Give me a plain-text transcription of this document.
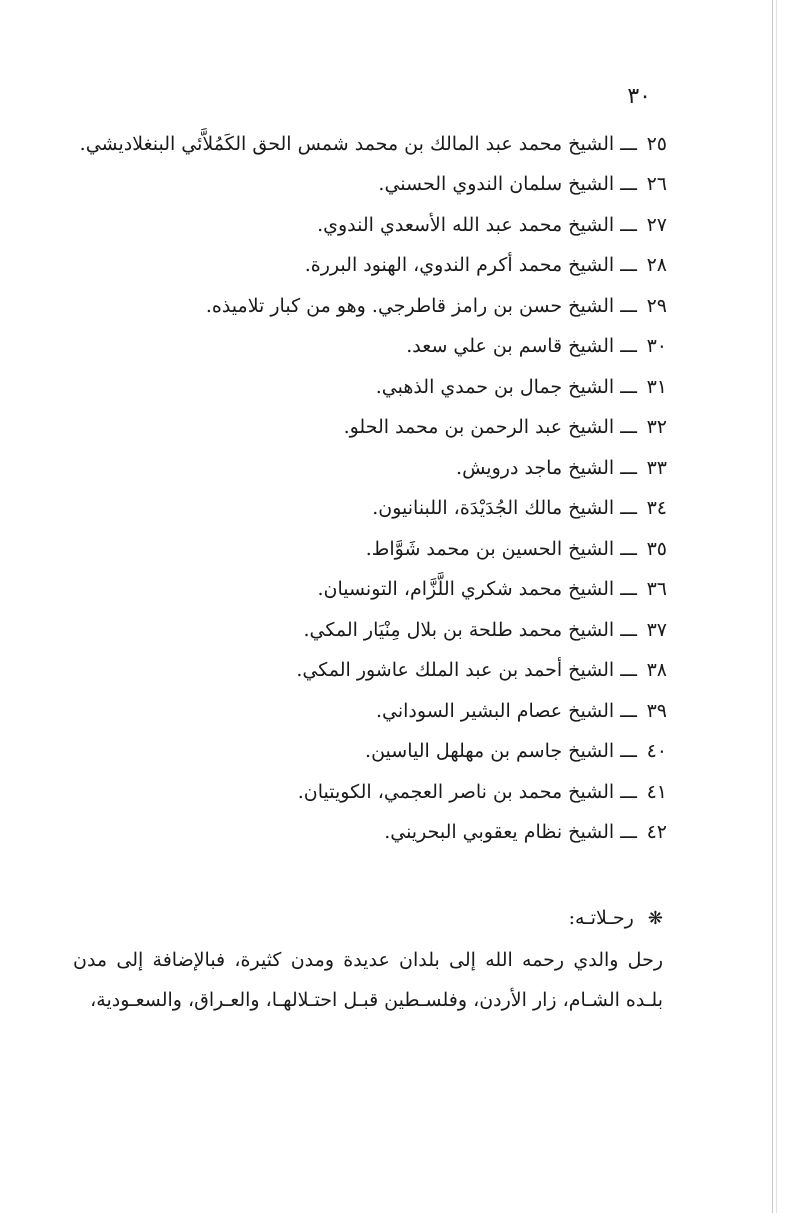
٣٠
٢٥ ـــ الشيخ محمد عبد المالك بن محمد شمس الحق الكَمُلاَّئي البنغلاديشي.
٢٦ ـــ الشيخ سلمان الندوي الحسني.
٢٧ ـــ الشيخ محمد عبد الله الأسعدي الندوي.
٢٨ ـــ الشيخ محمد أكرم الندوي، الهنود البررة.
٢٩ ـــ الشيخ حسن بن رامز قاطرجي. وهو من كبار تلاميذه.
٣٠ ـــ الشيخ قاسم بن علي سعد.
٣١ ـــ الشيخ جمال بن حمدي الذهبي.
٣٢ ـــ الشيخ عبد الرحمن بن محمد الحلو.
٣٣ ـــ الشيخ ماجد درويش.
٣٤ ـــ الشيخ مالك الجُدَيْدَة، اللبنانيون.
٣٥ ـــ الشيخ الحسين بن محمد شَوَّاط.
٣٦ ـــ الشيخ محمد شكري اللَّزَّام، التونسيان.
٣٧ ـــ الشيخ محمد طلحة بن بلال مِنْيَار المكي.
٣٨ ـــ الشيخ أحمد بن عبد الملك عاشور المكي.
٣٩ ـــ الشيخ عصام البشير السوداني.
٤٠ ـــ الشيخ جاسم بن مهلهل الياسين.
٤١ ـــ الشيخ محمد بن ناصر العجمي، الكويتيان.
٤٢ ـــ الشيخ نظام يعقوبي البحريني.
❋ رحـلاتـه:
رحل والدي رحمه الله إلى بلدان عديدة ومدن كثيرة، فبالإضافة إلى مدن بلـده الشـام، زار الأردن، وفلسـطين قبـل احتـلالهـا، والعـراق، والسعـودية،
